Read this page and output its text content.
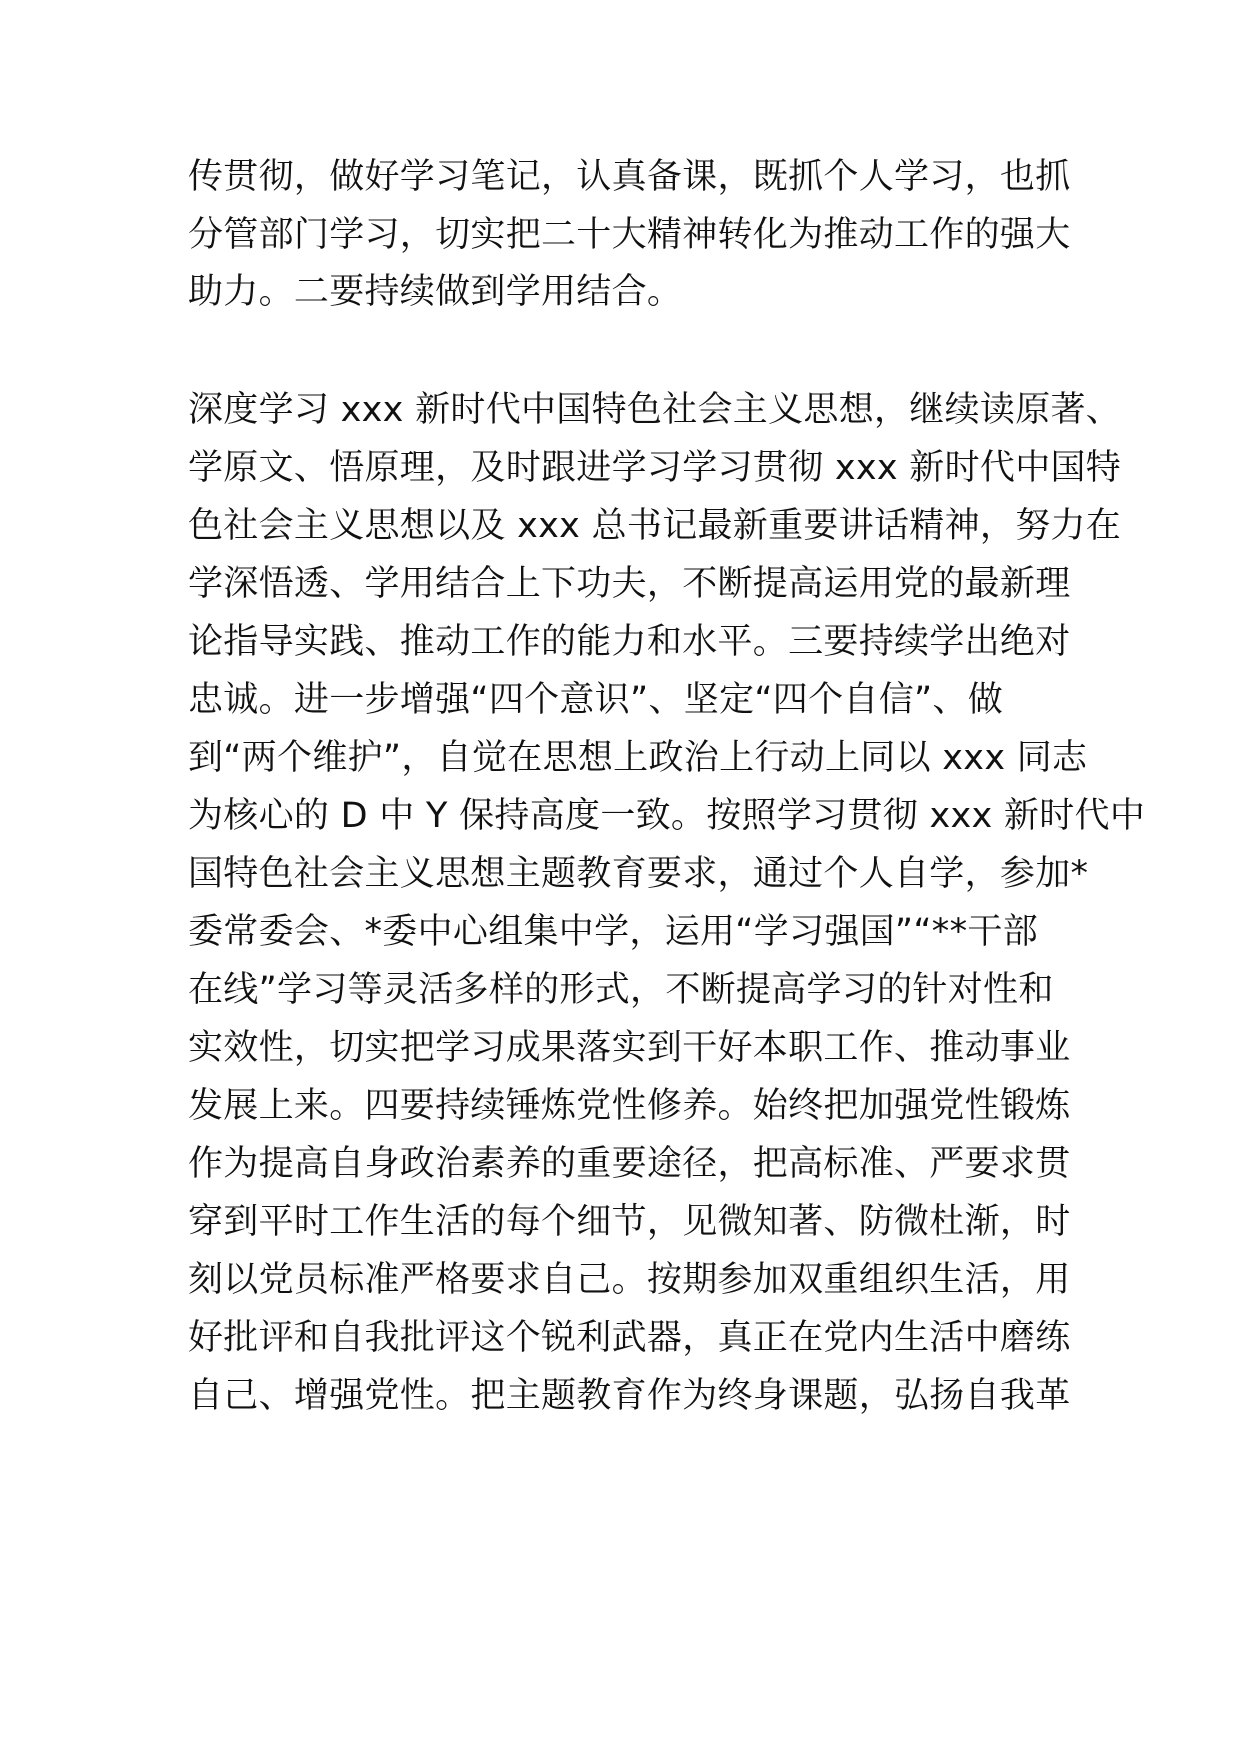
传贯彻，做好学习笔记，认真备课，既抓个人学习，也抓
分管部门学习，切实把二十大精神转化为推动工作的强大
助力。二要持续做到学用结合。
深度学习 xxx 新时代中国特色社会主义思想，继续读原著、
学原文、悟原理，及时跟进学习学习贯彻 xxx 新时代中国特
色社会主义思想以及 xxx 总书记最新重要讲话精神，努力在
学深悟透、学用结合上下功夫，不断提高运用党的最新理
论指导实践、推动工作的能力和水平。三要持续学出绝对
忠诚。进一步增强“四个意识”、坚定“四个自信”、做
到“两个维护”，自觉在思想上政治上行动上同以 xxx 同志
为核心的 D 中 Y 保持高度一致。按照学习贯彻 xxx 新时代中
国特色社会主义思想主题教育要求，通过个人自学，参加*
委常委会、*委中心组集中学，运用“学习强国”“**干部
在线”学习等灵活多样的形式，不断提高学习的针对性和
实效性，切实把学习成果落实到干好本职工作、推动事业
发展上来。四要持续锤炼党性修养。始终把加强党性锻炼
作为提高自身政治素养的重要途径，把高标准、严要求贯
穿到平时工作生活的每个细节，见微知著、防微杜渐，时
刻以党员标准严格要求自己。按期参加双重组织生活，用
好批评和自我批评这个锐利武器，真正在党内生活中磨练
自己、增强党性。把主题教育作为终身课题，弘扬自我革
